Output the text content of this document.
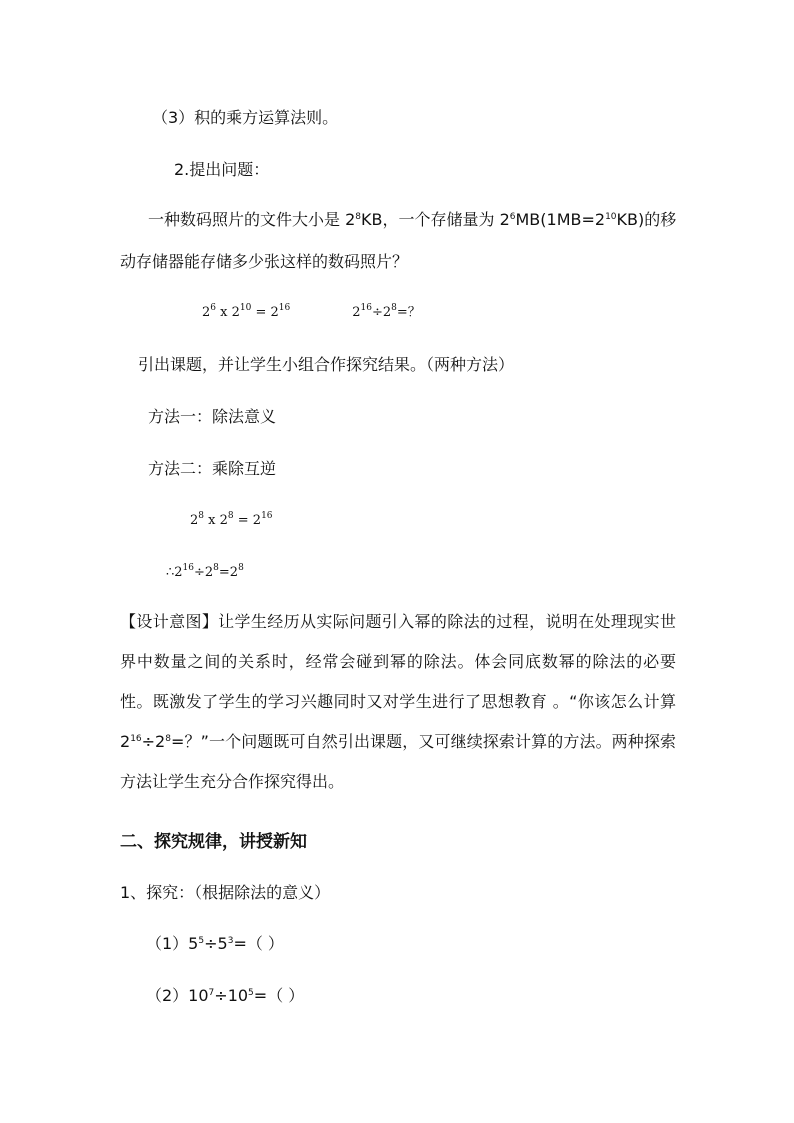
（3）积的乘方运算法则。
2.提出问题：
一种数码照片的文件大小是 $2^8KB$，一个存储量为 $2^6MB(1MB=2^{10}KB)$的移
动存储器能存储多少张这样的数码照片？
$2^6$ x $2^{10} = 2^{16}$	$2^{16}\div 2^8=$？
引出课题，并让学生小组合作探究结果。（两种方法）
方法一：除法意义
方法二：乘除互逆
$2^8$ x $2^8 = 2^{16}$
$\therefore 2^{16}\div 2^8=2^8$
【设计意图】让学生经历从实际问题引入幂的除法的过程，说明在处理现实世界中数量之间的关系时，经常会碰到幂的除法。体会同底数幂的除法的必要性。既激发了学生的学习兴趣同时又对学生进行了思想教育 。“你该怎么计算 $2^{16}\div 2^8=$？”一个问题既可自然引出课题，又可继续探索计算的方法。两种探索方法让学生充分合作探究得出。
二、探究规律，讲授新知
1、探究：（根据除法的意义）
$(1)5^5\div 5^3=$（ ）
$(2)10^7\div 10^5=$（ ）
